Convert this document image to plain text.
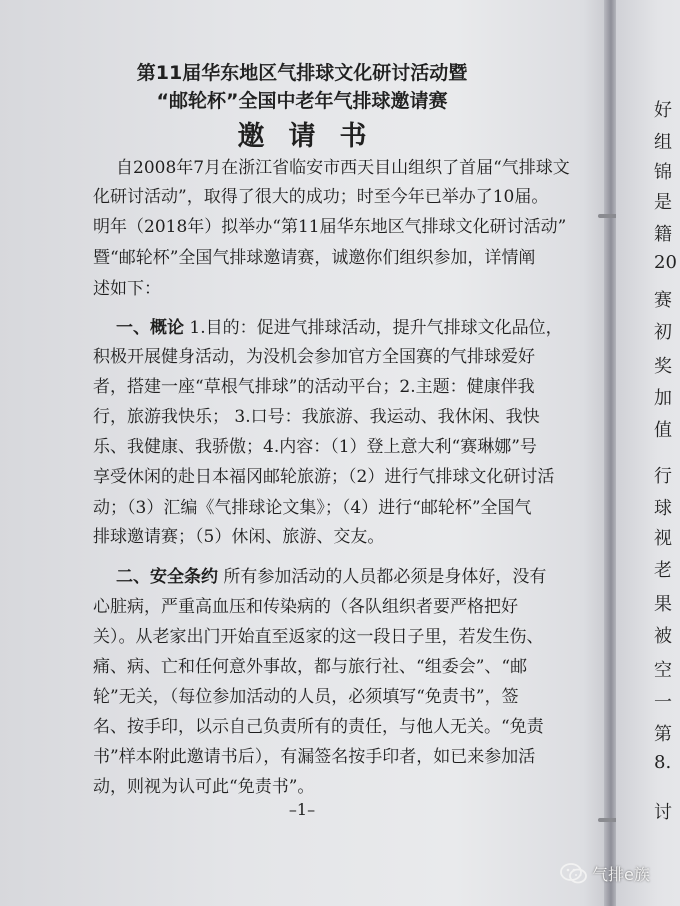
第11届华东地区气排球文化研讨活动暨
“邮轮杯”全国中老年气排球邀请赛
邀请书
自2008年7月在浙江省临安市西天目山组织了首届“气排球文
化研讨活动”，取得了很大的成功；时至今年已举办了10届。
明年（2018年）拟举办“第11届华东地区气排球文化研讨活动”
暨“邮轮杯”全国气排球邀请赛，诚邀你们组织参加，详情阐
述如下：
一、概论 1.目的：促进气排球活动，提升气排球文化品位，
积极开展健身活动，为没机会参加官方全国赛的气排球爱好
者，搭建一座“草根气排球”的活动平台；2.主题：健康伴我
行，旅游我快乐； 3.口号：我旅游、我运动、我休闲、我快
乐、我健康、我骄傲；4.内容：（1）登上意大利“赛琳娜”号
享受休闲的赴日本福冈邮轮旅游；（2）进行气排球文化研讨活
动；（3）汇编《气排球论文集》；（4）进行“邮轮杯”全国气
排球邀请赛；（5）休闲、旅游、交友。
二、安全条约 所有参加活动的人员都必须是身体好，没有
心脏病，严重高血压和传染病的（各队组织者要严格把好
关）。从老家出门开始直至返家的这一段日子里，若发生伤、
痛、病、亡和任何意外事故，都与旅行社、“组委会”、“邮
轮”无关，（每位参加活动的人员，必须填写“免责书”，签
名、按手印，以示自己负责所有的责任，与他人无关。“免责
书”样本附此邀请书后），有漏签名按手印者，如已来参加活
动，则视为认可此“免责书”。
–1–
好
组
锦
是
籍
20
赛
初
奖
加
值
行
球
视
老
果
被
空
一
第
8.
讨
气排e族
